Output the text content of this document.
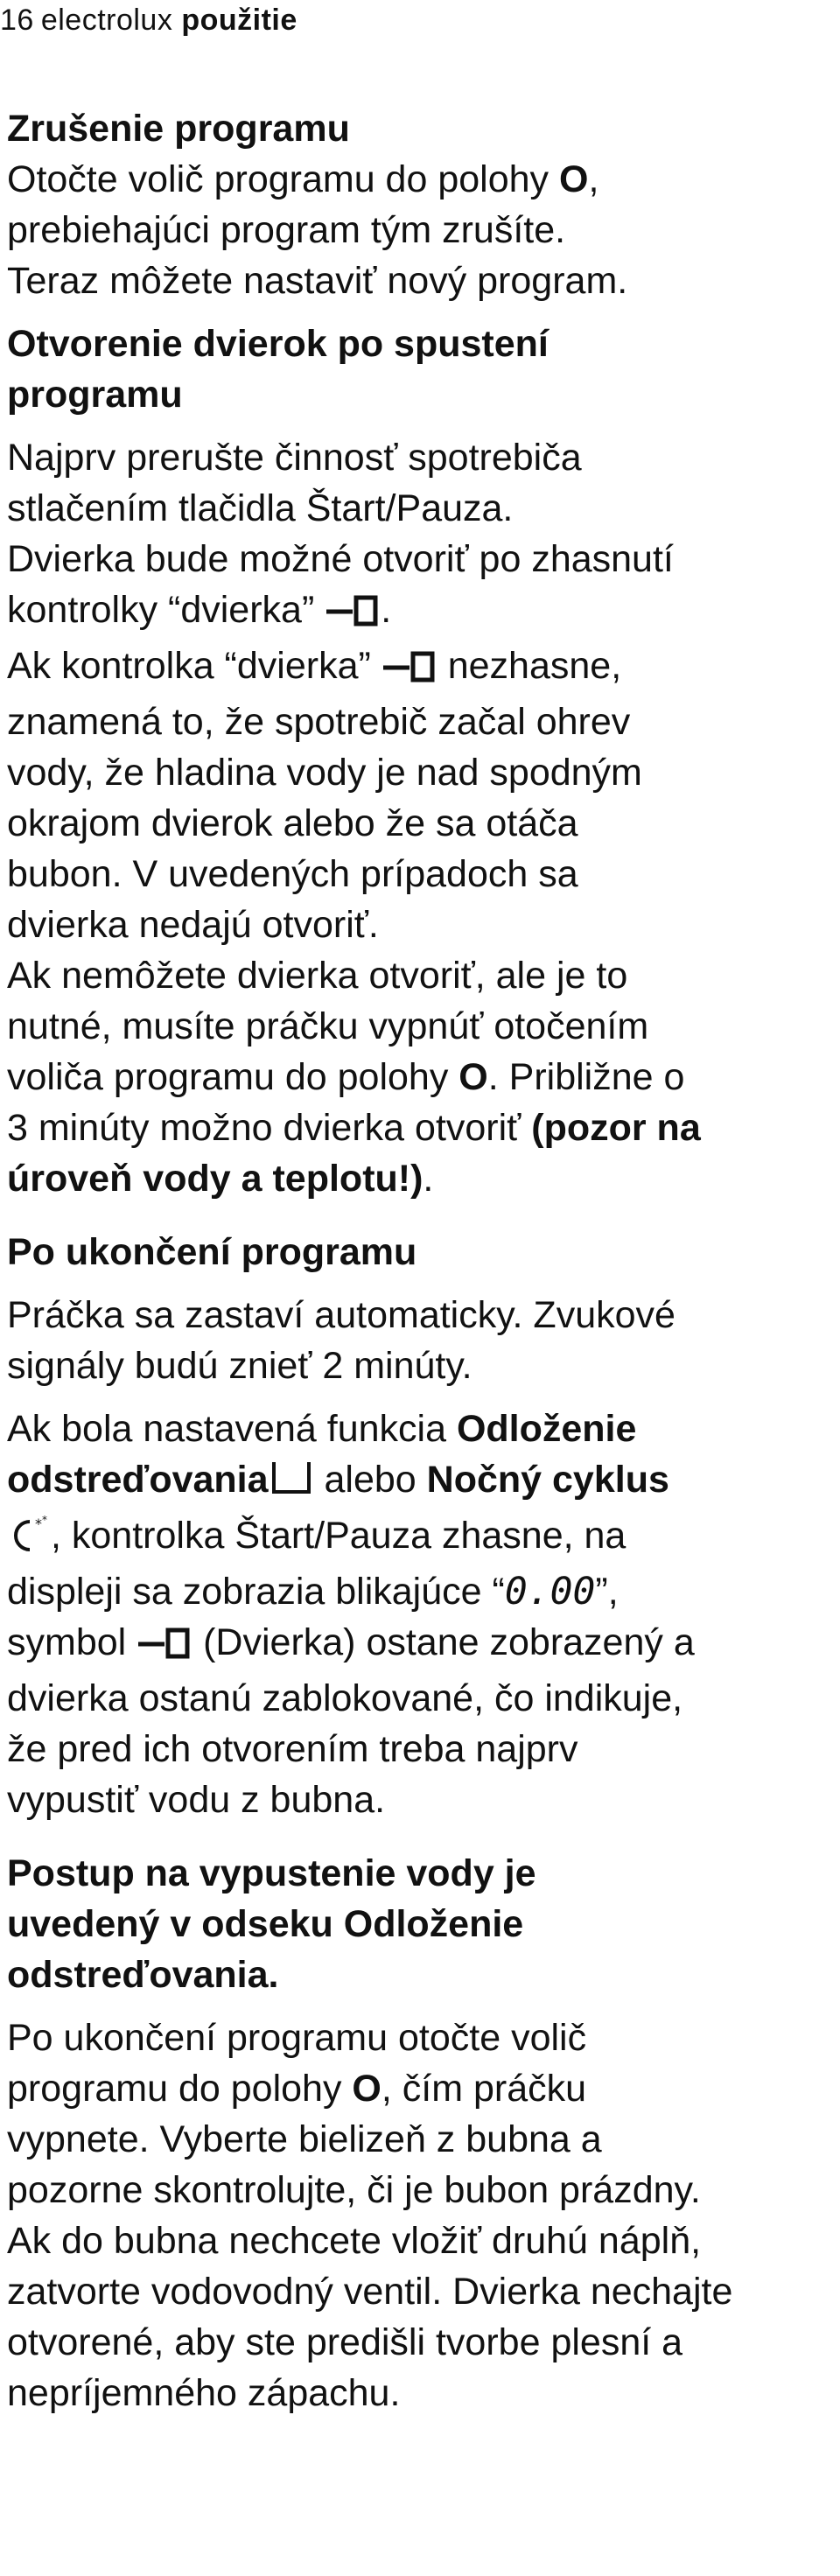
16 electrolux použitie
Zrušenie programu

Otočte volič programu do polohy O,

prebiehajúci program tým zrušíte.

Teraz môžete nastaviť nový program.

Otvorenie dvierok po spustení
programu

Najprv prerušte činnosť spotrebiča

stlačením tlačidla Štart/Pauza.

Dvierka bude možné otvoriť po zhasnutí

kontrolky “dvierka” .

Ak kontrolka “dvierka”  nezhasne,

znamená to, že spotrebič začal ohrev

vody, že hladina vody je nad spodným

okrajom dvierok alebo že sa otáča

bubon. V uvedených prípadoch sa

dvierka nedajú otvoriť.

Ak nemôžete dvierka otvoriť, ale je to

nutné, musíte práčku vypnúť otočením

voliča programu do polohy O. Približne o

3 minúty možno dvierka otvoriť (pozor na

úroveň vody a teplotu!).

Po ukončení programu

Práčka sa zastaví automaticky. Zvukové

signály budú znieť 2 minúty.

Ak bola nastavená funkcia Odloženie

odstreďovania alebo Nočný cyklus

* * , kontrolka Štart/Pauza zhasne, na

displeji sa zobrazia blikajúce “0.00”,

symbol  (Dvierka) ostane zobrazený a

dvierka ostanú zablokované, čo indikuje,

že pred ich otvorením treba najprv

vypustiť vodu z bubna.

Postup na vypustenie vody je
uvedený v odseku Odloženie
odstreďovania.

Po ukončení programu otočte volič

programu do polohy O, čím práčku

vypnete. Vyberte bielizeň z bubna a

pozorne skontrolujte, či je bubon prázdny.

Ak do bubna nechcete vložiť druhú náplň,

zatvorte vodovodný ventil. Dvierka nechajte

otvorené, aby ste predišli tvorbe plesní a

nepríjemného zápachu.
